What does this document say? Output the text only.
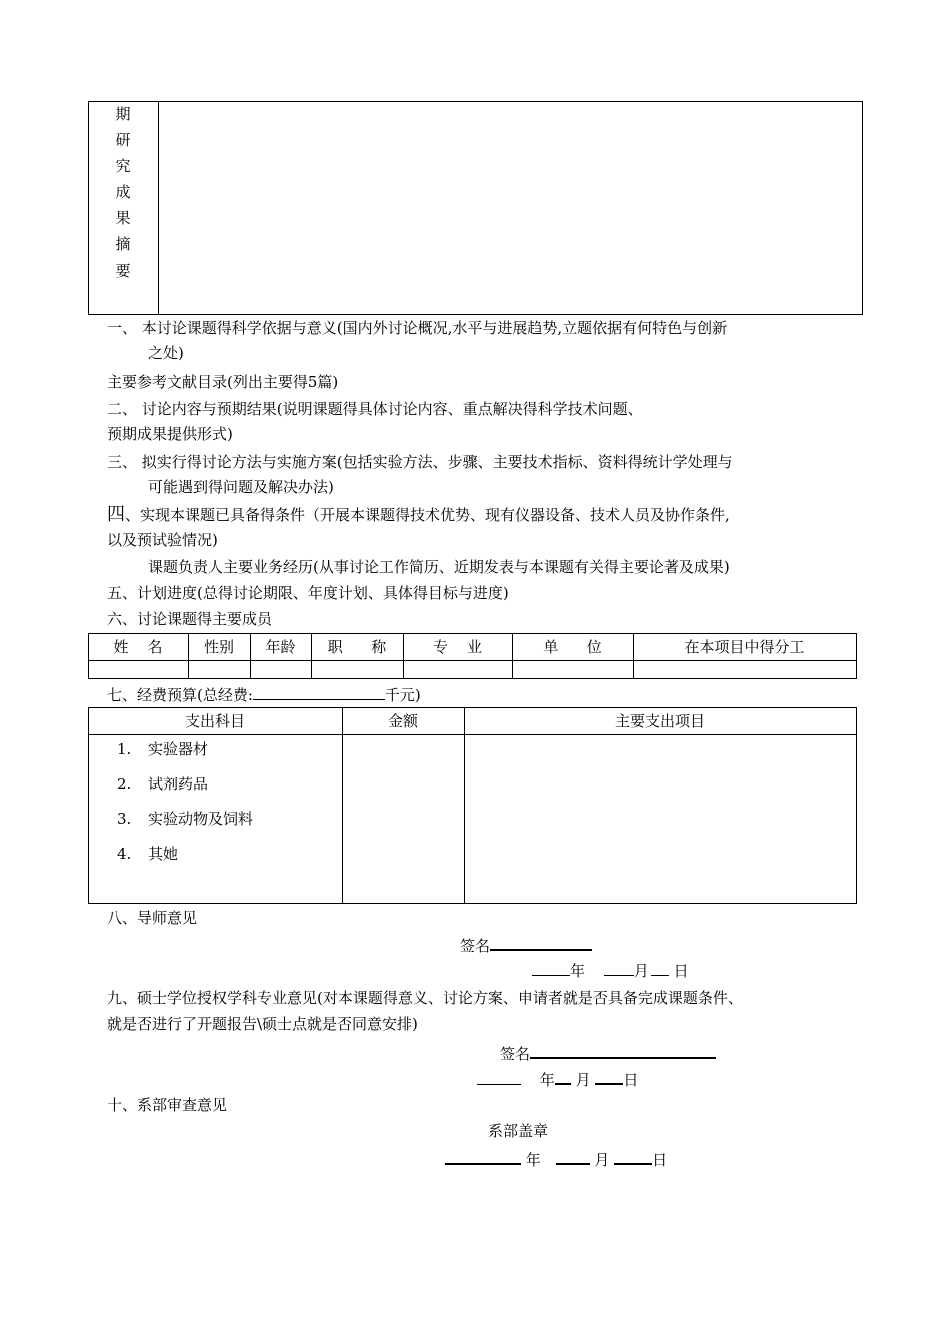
期
研
究
成
果
摘
要
一、 本讨论课题得科学依据与意义(国内外讨论概况,水平与进展趋势,立题依据有何特色与创新
之处)
主要参考文献目录(列出主要得5篇)
二、 讨论内容与预期结果(说明课题得具体讨论内容、重点解决得科学技术问题、
预期成果提供形式)
三、 拟实行得讨论方法与实施方案(包括实验方法、步骤、主要技术指标、资料得统计学处理与
可能遇到得问题及解决办法)
四、实现本课题已具备得条件（开展本课题得技术优势、现有仪器设备、技术人员及协作条件,
以及预试验情况)
课题负责人主要业务经历(从事讨论工作简历、近期发表与本课题有关得主要论著及成果)
五、计划进度(总得讨论期限、年度计划、具体得目标与进度)
六、讨论课题得主要成员
姓    名	性别	年龄	职      称	专    业	单      位	在本项目中得分工
七、经费预算(总经费:	千元)
支出科目	金额	主要支出项目
1. 实验器材
2. 试剂药品
3. 实验动物及饲料
4. 其她
八、导师意见
签名
年	月 日
九、硕士学位授权学科专业意见(对本课题得意义、讨论方案、申请者就是否具备完成课题条件、
就是否进行了开题报告\硕士点就是否同意安排)
签名
年 月 日
十、系部审查意见
系部盖章
年	月	日
